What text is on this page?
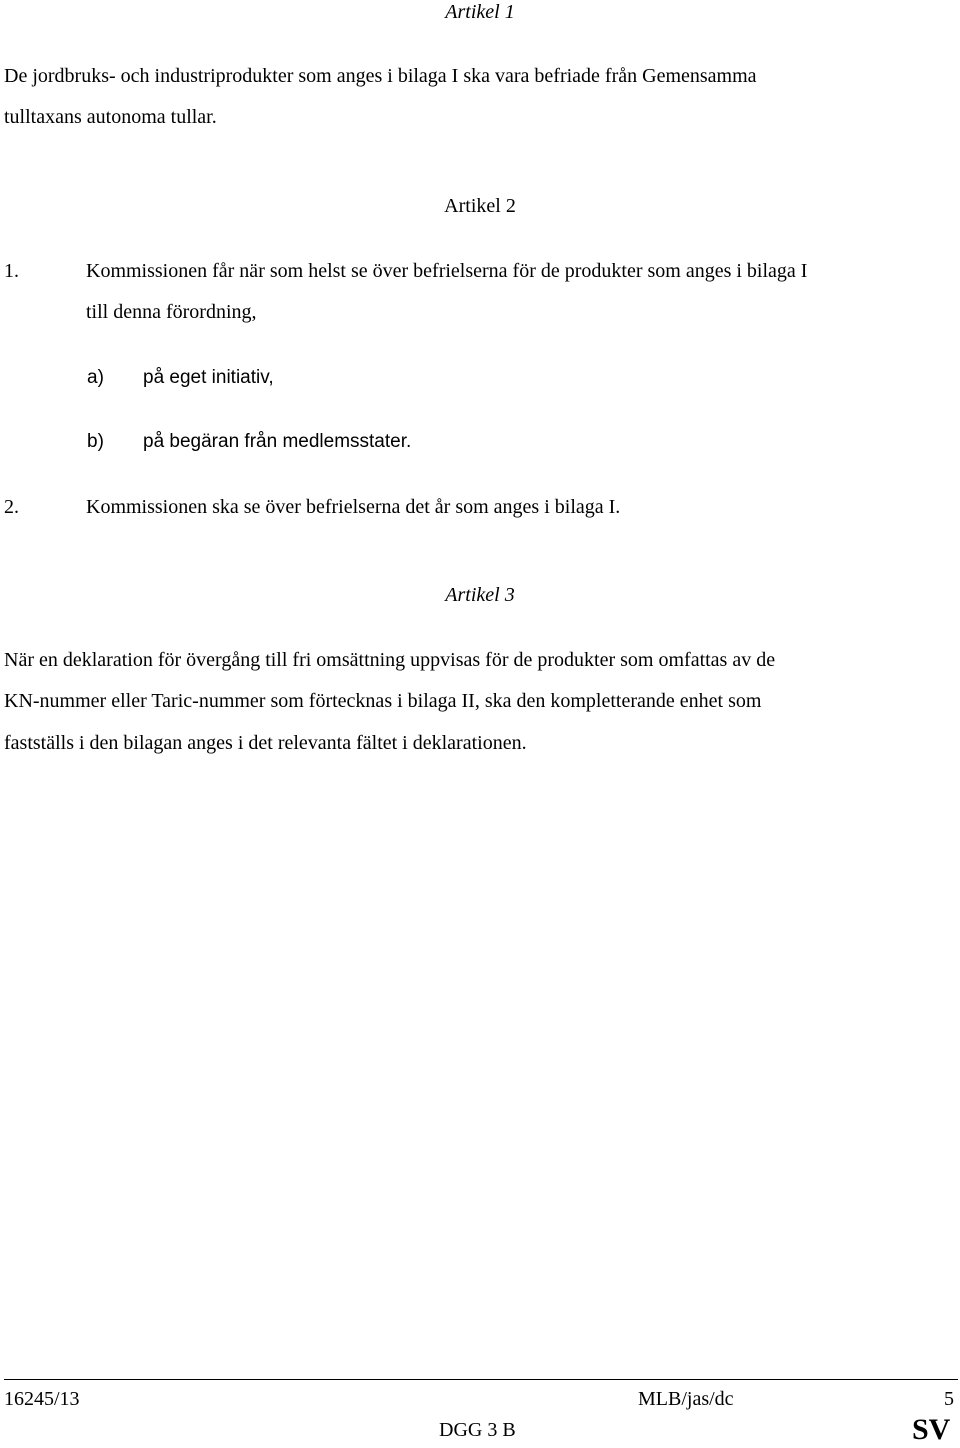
Artikel 1
De jordbruks- och industriprodukter som anges i bilaga I ska vara befriade från Gemensamma
tulltaxans autonoma tullar.
Artikel 2
1.	Kommissionen får när som helst se över befrielserna för de produkter som anges i bilaga I
till denna förordning,
a) på eget initiativ,
b) på begäran från medlemsstater.
2.	Kommissionen ska se över befrielserna det år som anges i bilaga I.
Artikel 3
När en deklaration för övergång till fri omsättning uppvisas för de produkter som omfattas av de
KN-nummer eller Taric-nummer som förtecknas i bilaga II, ska den kompletterande enhet som
fastställs i den bilagan anges i det relevanta fältet i deklarationen.
16245/13	MLB/jas/dc	5
DGG 3 B	SV
